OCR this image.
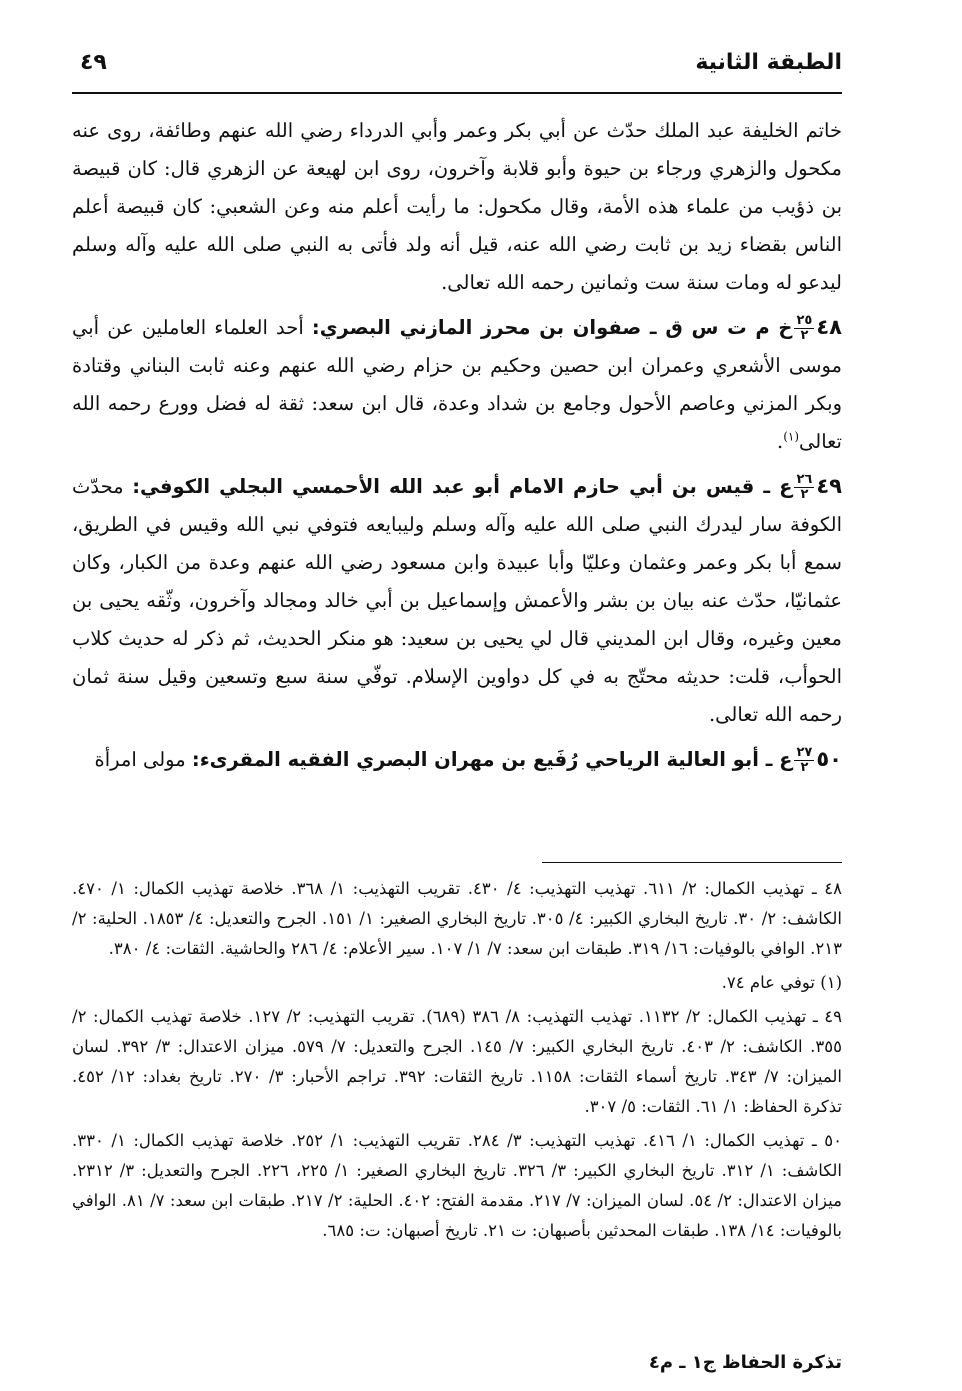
الطبقة الثانية
٤٩

خاتم الخليفة عبد الملك حدّث عن أبي بكر وعمر وأبي الدرداء رضي الله عنهم وطائفة، روى عنه مكحول والزهري ورجاء بن حيوة وأبو قلابة وآخرون، روى ابن لهيعة عن الزهري قال: كان قبيصة بن ذؤيب من علماء هذه الأمة، وقال مكحول: ما رأيت أعلم منه وعن الشعبي: كان قبيصة أعلم الناس بقضاء زيد بن ثابت رضي الله عنه، قيل أنه ولد فأتى به النبي صلى الله عليه وآله وسلم ليدعو له ومات سنة ست وثمانين رحمه الله تعالى.

٤٨
$\frac{٢٥}{٢}$
خ م ت س ق ـ صفوان بن محرز المازني البصري: أحد العلماء العاملين عن أبي موسى الأشعري وعمران ابن حصين وحكيم بن حزام رضي الله عنهم وعنه ثابت البناني وقتادة وبكر المزني وعاصم الأحول وجامع بن شداد وعدة، قال ابن سعد: ثقة له فضل وورع رحمه الله تعالى$^{(١)}$.

٤٩
$\frac{٢٦}{٢}$
ع ـ قيس بن أبي حازم الامام أبو عبد الله الأحمسي البجلي الكوفي: محدّث الكوفة سار ليدرك النبي صلى الله عليه وآله وسلم وليبايعه فتوفي نبي الله وقيس في الطريق، سمع أبا بكر وعمر وعثمان وعليّا وأبا عبيدة وابن مسعود رضي الله عنهم وعدة من الكبار، وكان عثمانيّا، حدّث عنه بيان بن بشر والأعمش وإسماعيل بن أبي خالد ومجالد وآخرون، وثّقه يحيى بن معين وغيره، وقال ابن المديني قال لي يحيى بن سعيد: هو منكر الحديث، ثم ذكر له حديث كلاب الحوأب، قلت: حديثه محتّج به في كل دواوين الإسلام. توفّي سنة سبع وتسعين وقيل سنة ثمان رحمه الله تعالى.

٥٠
$\frac{٢٧}{٢}$
ع ـ أبو العالية الرياحي رُفَيع بن مهران البصري الفقيه المقرىء: مولى امرأة

٤٨ ـ تهذيب الكمال: ٢/ ٦١١. تهذيب التهذيب: ٤/ ٤٣٠. تقريب التهذيب: ١/ ٣٦٨. خلاصة تهذيب الكمال: ١/ ٤٧٠. الكاشف: ٢/ ٣٠. تاريخ البخاري الكبير: ٤/ ٣٠٥. تاريخ البخاري الصغير: ١/ ١٥١. الجرح والتعديل: ٤/ ١٨٥٣. الحلية: ٢/ ٢١٣. الوافي بالوفيات: ١٦/ ٣١٩. طبقات ابن سعد: ٧/ ١/ ١٠٧. سير الأعلام: ٤/ ٢٨٦ والحاشية. الثقات: ٤/ ٣٨٠.

(١) توفي عام ٧٤.

٤٩ ـ تهذيب الكمال: ٢/ ١١٣٢. تهذيب التهذيب: ٨/ ٣٨٦ (٦٨٩). تقريب التهذيب: ٢/ ١٢٧. خلاصة تهذيب الكمال: ٢/ ٣٥٥. الكاشف: ٢/ ٤٠٣. تاريخ البخاري الكبير: ٧/ ١٤٥. الجرح والتعديل: ٧/ ٥٧٩. ميزان الاعتدال: ٣/ ٣٩٢. لسان الميزان: ٧/ ٣٤٣. تاريخ أسماء الثقات: ١١٥٨. تاريخ الثقات: ٣٩٢. تراجم الأحبار: ٣/ ٢٧٠. تاريخ بغداد: ١٢/ ٤٥٢. تذكرة الحفاظ: ١/ ٦١. الثقات: ٥/ ٣٠٧.

٥٠ ـ تهذيب الكمال: ١/ ٤١٦. تهذيب التهذيب: ٣/ ٢٨٤. تقريب التهذيب: ١/ ٢٥٢. خلاصة تهذيب الكمال: ١/ ٣٣٠. الكاشف: ١/ ٣١٢. تاريخ البخاري الكبير: ٣/ ٣٢٦. تاريخ البخاري الصغير: ١/ ٢٢٥، ٢٢٦. الجرح والتعديل: ٣/ ٢٣١٢. ميزان الاعتدال: ٢/ ٥٤. لسان الميزان: ٧/ ٢١٧. مقدمة الفتح: ٤٠٢. الحلية: ٢/ ٢١٧. طبقات ابن سعد: ٧/ ٨١. الوافي بالوفيات: ١٤/ ١٣٨. طبقات المحدثين بأصبهان: ت ٢١. تاريخ أصبهان: ت: ٦٨٥.

تذكرة الحفاظ ج١ ـ م٤
